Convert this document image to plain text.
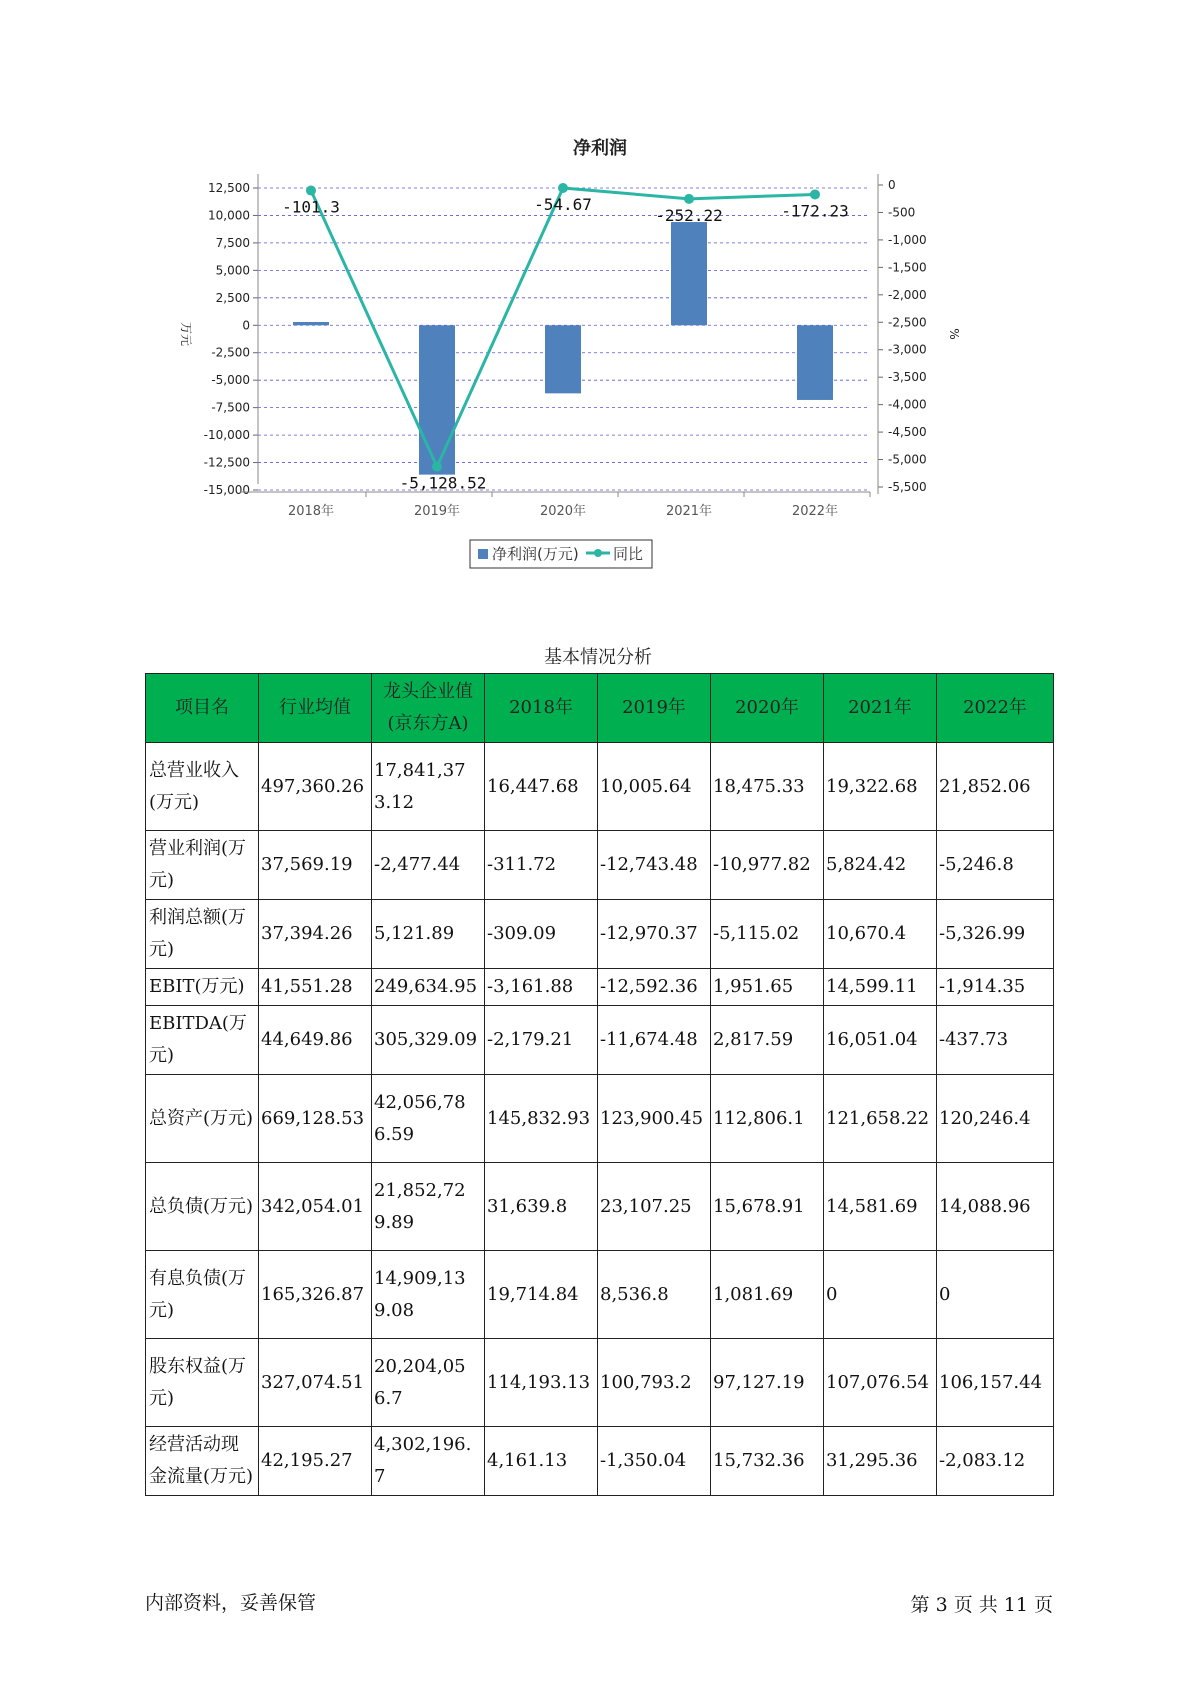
净利润
12,500
10,000
7,500
5,000
2,500
0
-2,500
-5,000
-7,500
-10,000
-12,500
-15,000
0
-500
-1,000
-1,500
-2,000
-2,500
-3,000
-3,500
-4,000
-4,500
-5,000
-5,500
万元	%
2018年	2019年	2020年	2021年	2022年
-101.3
-5,128.52
-54.67
-252.22	-172.23
净利润(万元) 同比
基本情况分析
项目名	行业均值	龙头企业值(京东方A)	2018年	2019年	2020年	2021年	2022年
总营业收入(万元)	497,360.26	17,841,373.12	16,447.68	10,005.64	18,475.33	19,322.68	21,852.06
营业利润(万元)	37,569.19	-2,477.44	-311.72	-12,743.48	-10,977.82	5,824.42	-5,246.8
利润总额(万元)	37,394.26	5,121.89	-309.09	-12,970.37	-5,115.02	10,670.4	-5,326.99
EBIT(万元)	41,551.28	249,634.95	-3,161.88	-12,592.36	1,951.65	14,599.11	-1,914.35
EBITDA(万元)	44,649.86	305,329.09	-2,179.21	-11,674.48	2,817.59	16,051.04	-437.73
总资产(万元)	669,128.53	42,056,786.59	145,832.93	123,900.45	112,806.1	121,658.22	120,246.4
总负债(万元)	342,054.01	21,852,729.89	31,639.8	23,107.25	15,678.91	14,581.69	14,088.96
有息负债(万元)	165,326.87	14,909,139.08	19,714.84	8,536.8	1,081.69	0	0
股东权益(万元)	327,074.51	20,204,056.7	114,193.13	100,793.2	97,127.19	107,076.54	106,157.44
经营活动现金流量(万元)	42,195.27	4,302,196.7	4,161.13	-1,350.04	15,732.36	31,295.36	-2,083.12
内部资料，妥善保管	第 3 页 共 11 页
